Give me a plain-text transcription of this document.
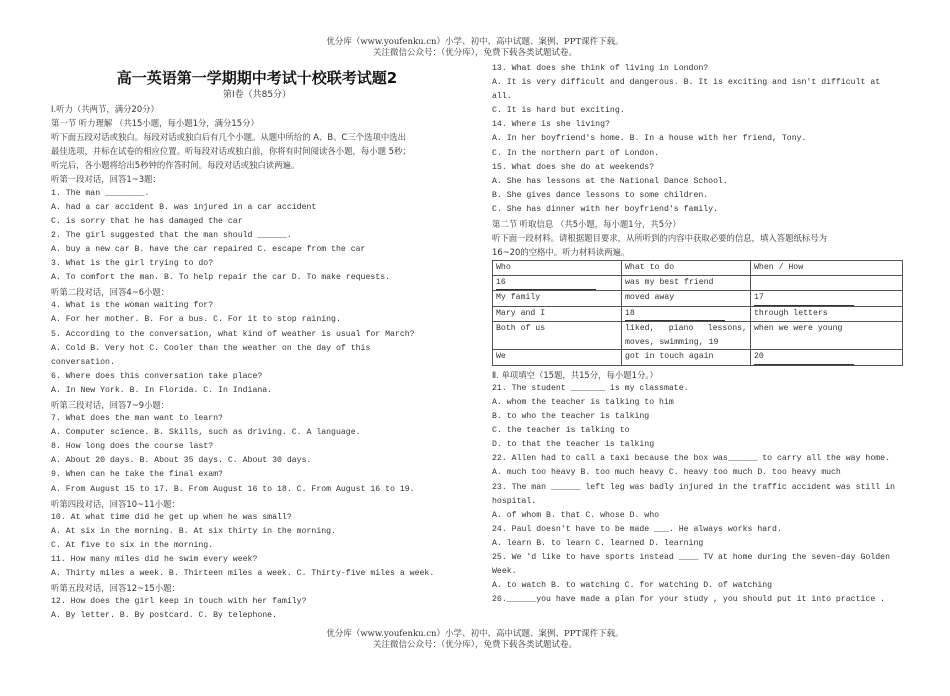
优分库（www.youfenku.cn）小学、初中、高中试题、案例、PPT课件下载。
关注微信公众号：（优分库），免费下载各类试题试卷。
高一英语第一学期期中考试十校联考试题2
第Ⅰ卷（共85分）
Ⅰ.听力（共两节，满分20分）
第一节 听力理解 （共15小题，每小题1分，满分15分）
听下面五段对话或独白。每段对话或独白后有几个小题。从题中所给的 A、B、C三个选项中选出
最佳选项，并标在试卷的相应位置。听每段对话或独白前，你将有时间阅读各小题，每小题 5秒；
听完后，各小题将给出5秒钟的作答时间。每段对话或独白读两遍。
听第一段对话，回答1~3题：
1. The man ________.
A. had a car accident B. was injured in a car accident
C. is sorry that he has damaged the car
2. The girl suggested that the man should ______.
A. buy a new car B. have the car repaired C. escape from the car
3. What is the girl trying to do?
A. To comfort the man. B. To help repair the car D. To make requests.
听第二段对话，回答4~6小题：
4. What is the woman waiting for?
A. For her mother. B. For a bus. C. For it to stop raining.
5. According to the conversation, what kind of weather is usual for March?
A. Cold B. Very hot C. Cooler than the weather on the day of this
conversation.
6. Where does this conversation take place?
A. In New York. B. In Florida. C. In Indiana.
听第三段对话，回答7~9小题：
7. What does the man want to learn?
A. Computer science. B. Skills, such as driving. C. A language.
8. How long does the course last?
A. About 20 days. B. About 35 days. C. About 30 days.
9. When can he take the final exam?
A. From August 15 to 17. B. From August 16 to 18. C. From August 16 to 19.
听第四段对话，回答10~11小题：
10. At what time did he get up when he was small?
A. At six in the morning. B. At six thirty in the morning.
C. At five to six in the morning.
11. How many miles did he swim every week?
A. Thirty miles a week. B. Thirteen miles a week. C. Thirty-five miles a week.
听第五段对话，回答12~15小题：
12. How does the girl keep in touch with her family?
A. By letter. B. By postcard. C. By telephone.
13. What does she think of living in London?
A. It is very difficult and dangerous. B. It is exciting and isn't difficult at
all.
C. It is hard but exciting.
14. Where is she living?
A. In her boyfriend's home. B. In a house with her friend, Tony.
C. In the northern part of London.
15. What does she do at weekends?
A. She has lessons at the National Dance School.
B. She gives dance lessons to some children.
C. She has dinner with her boyfriend's family.
第二节 听取信息 （共5小题，每小题1分，共5分）
听下面一段材料。请根据题目要求，从所听到的内容中获取必要的信息，填入答题纸标号为
16~20的空格中。听力材料读两遍。
Who	What to do	When / How
16	was my best friend	
My family	moved away	17
Mary and I	18	through letters
Both of us	liked, piano lessons, moves, swimming, 19	when we were young
We	got in touch again	20
Ⅱ. 单项填空（15题，共15分，每小题1分。）
21. The student _______ is my classmate.
A. whom the teacher is talking to him
B. to who the teacher is talking
C. the teacher is talking to
D. to that the teacher is talking
22. Allen had to call a taxi because the box was______ to carry all the way home.
A. much too heavy B. too much heavy C. heavy too much D. too heavy much
23. The man ______ left leg was badly injured in the traffic accident was still in
hospital.
A. of whom B. that C. whose D. who
24. Paul doesn't have to be made ___. He always works hard.
A. learn B. to learn C. learned D. learning
25. We 'd like to have sports instead ____ TV at home during the seven-day Golden
Week.
A. to watch B. to watching C. for watching D. of watching
26.______you have made a plan for your study , you should put it into practice .
优分库（www.youfenku.cn）小学、初中、高中试题、案例、PPT课件下载。
关注微信公众号：（优分库），免费下载各类试题试卷。
